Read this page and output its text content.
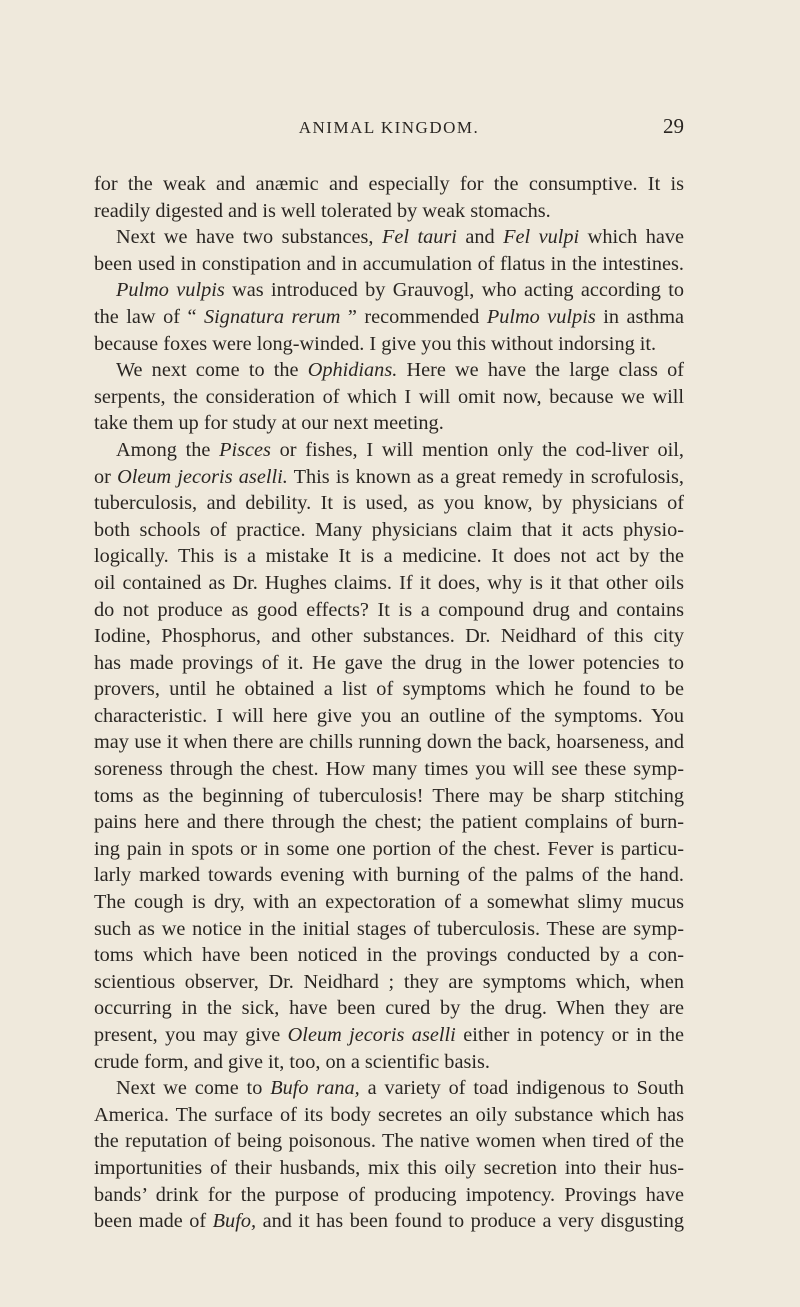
ANIMAL KINGDOM.	29
for the weak and anæmic and especially for the consumptive. It is
readily digested and is well tolerated by weak stomachs.
Next we have two substances, Fel tauri and Fel vulpi which have
been used in constipation and in accumulation of flatus in the intestines.
Pulmo vulpis was introduced by Grauvogl, who acting according to
the law of “ Signatura rerum ” recommended Pulmo vulpis in asthma
because foxes were long-winded. I give you this without indorsing it.
We next come to the Ophidians. Here we have the large class of
serpents, the consideration of which I will omit now, because we will
take them up for study at our next meeting.
Among the Pisces or fishes, I will mention only the cod-liver oil,
or Oleum jecoris aselli. This is known as a great remedy in scrofulosis,
tuberculosis, and debility. It is used, as you know, by physicians of
both schools of practice. Many physicians claim that it acts physio-
logically. This is a mistake It is a medicine. It does not act by the
oil contained as Dr. Hughes claims. If it does, why is it that other oils
do not produce as good effects? It is a compound drug and contains
Iodine, Phosphorus, and other substances. Dr. Neidhard of this city
has made provings of it. He gave the drug in the lower potencies to
provers, until he obtained a list of symptoms which he found to be
characteristic. I will here give you an outline of the symptoms. You
may use it when there are chills running down the back, hoarseness, and
soreness through the chest. How many times you will see these symp-
toms as the beginning of tuberculosis! There may be sharp stitching
pains here and there through the chest; the patient complains of burn-
ing pain in spots or in some one portion of the chest. Fever is particu-
larly marked towards evening with burning of the palms of the hand.
The cough is dry, with an expectoration of a somewhat slimy mucus
such as we notice in the initial stages of tuberculosis. These are symp-
toms which have been noticed in the provings conducted by a con-
scientious observer, Dr. Neidhard ; they are symptoms which, when
occurring in the sick, have been cured by the drug. When they are
present, you may give Oleum jecoris aselli either in potency or in the
crude form, and give it, too, on a scientific basis.
Next we come to Bufo rana, a variety of toad indigenous to South
America. The surface of its body secretes an oily substance which has
the reputation of being poisonous. The native women when tired of the
importunities of their husbands, mix this oily secretion into their hus-
bands’ drink for the purpose of producing impotency. Provings have
been made of Bufo, and it has been found to produce a very disgusting
